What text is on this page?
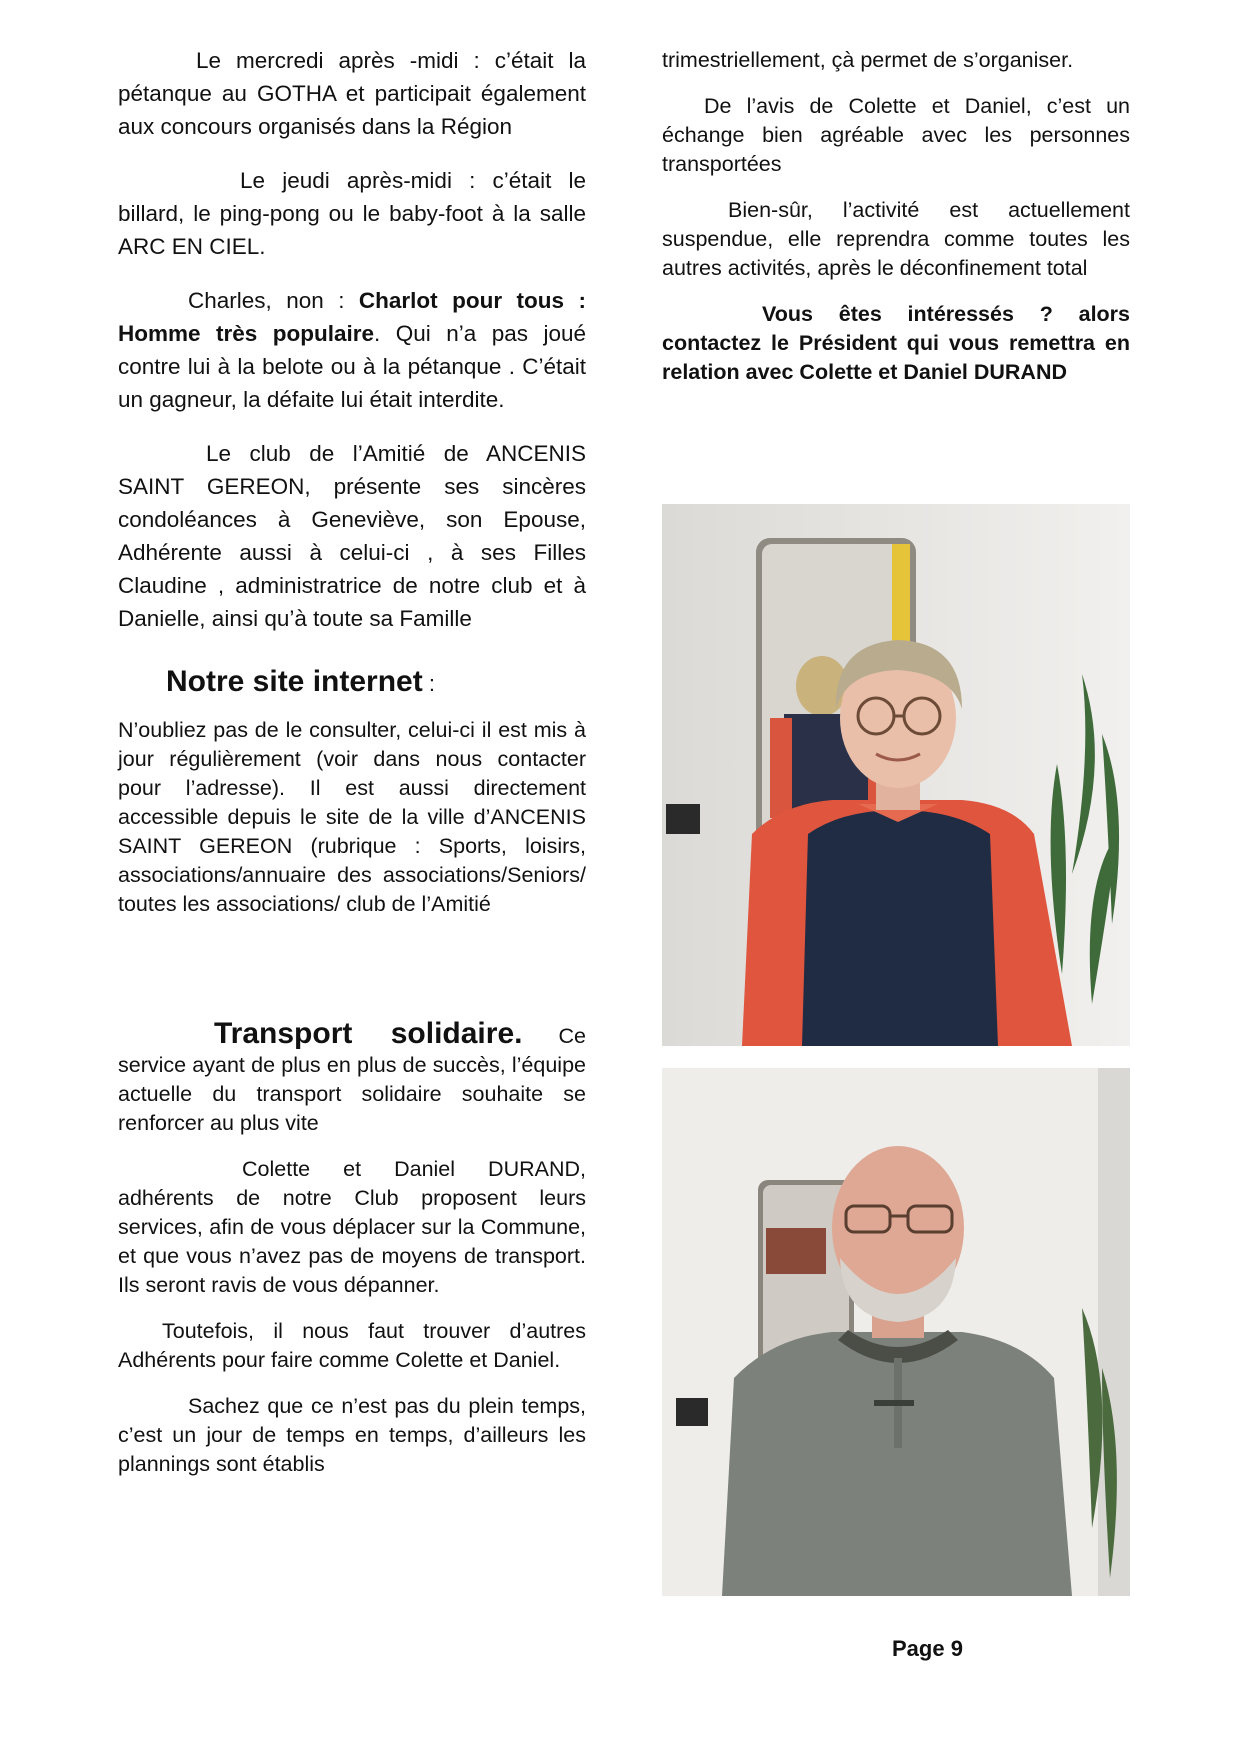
Le mercredi après -midi : c’était la pétanque au GOTHA et participait également aux concours organisés dans la Région

Le jeudi après-midi : c’était le billard, le ping-pong ou le baby-foot à la salle ARC EN CIEL.

Charles, non : Charlot pour tous : Homme très populaire. Qui n’a pas joué contre lui à la belote ou à la pétanque . C’était un gagneur, la défaite lui était interdite.

Le club de l’Amitié de ANCENIS SAINT GEREON, présente ses sincères condoléances à Geneviève, son Epouse, Adhérente aussi à celui-ci , à ses Filles Claudine , administratrice de notre club et à Danielle, ainsi qu’à toute sa Famille

Notre site internet :

N’oubliez pas de le consulter, celui-ci il est mis à jour régulièrement (voir dans nous contacter pour l’adresse). Il est aussi directement accessible depuis le site de la ville d’ANCENIS SAINT GEREON (rubrique : Sports, loisirs, associations/annuaire des associations/Seniors/ toutes les associations/ club de l’Amitié

Transport solidaire. Ce service ayant de plus en plus de succès, l’équipe actuelle du transport solidaire souhaite se renforcer au plus vite

Colette et Daniel DURAND, adhérents de notre Club proposent leurs services, afin de vous déplacer sur la Commune, et que vous n’avez pas de moyens de transport. Ils seront ravis de vous dépanner.

Toutefois, il nous faut trouver d’autres Adhérents pour faire comme Colette et Daniel.

Sachez que ce n’est pas du plein temps, c’est un jour de temps en temps, d’ailleurs les plannings sont établis

trimestriellement, çà permet de s’organiser.

De l’avis de Colette et Daniel, c’est un échange bien agréable avec les personnes transportées

Bien-sûr, l’activité est actuellement suspendue, elle reprendra comme toutes les autres activités, après le déconfinement total

Vous êtes intéressés ? alors contactez le Président qui vous remettra en relation avec Colette et Daniel DURAND

Page 9
